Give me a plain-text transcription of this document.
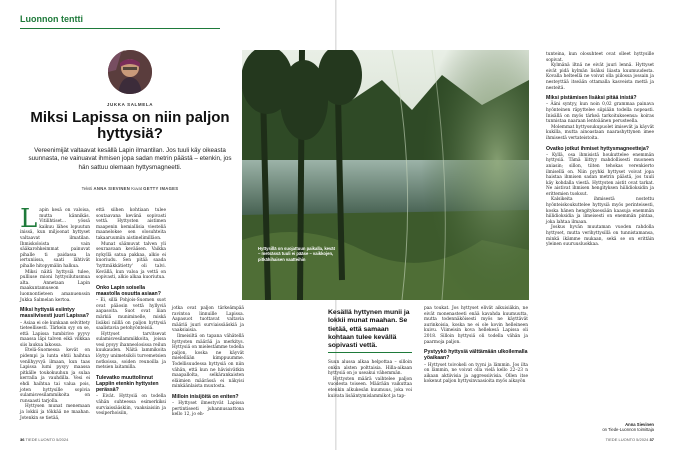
Luonnon tentti
JUKKA SALMELA
Miksi Lapissa on niin paljon hyttysiä?

Vereenimijät valtaavat kesällä Lapin ilmantilan. Jos tuuli käy oikeasta suunnasta, ne vainuavat ihmisen jopa sadan metrin päästä – etenkin, jos hän sattuu olemaan hyttysmagneetti.

Teksti ANNA SIEVINEN Kuvat GETTY IMAGES

Lapin kesä on valoisa, mutta kännikäs. Vitilihtiset... yössä kaikuu lähes lopuutun inissä, kun miljoonat hyttyset valtaavat ilmatilan. Ihmiskoloista vain sääkarohkeimmat painuvat pihalle ti paidassa la iertuniissa, saati lähtivät pihalle hitopymälin halkua.

Miksi näitä hyttysiä tulee, pulliuse mioni hyttysilutusmua alta. Annetaan Lapin maakuntamuseon luonnontieteen amanuenssin Jukka Salmelan kertoa.

Miksi hyttysiä esiintyy massiivisesti juuri Lapissa?

– Asiaa ei ole kunkaan selvittety tieteellisesti. Tärkein syy on se, että Lapissa tumbirive pyyvy maassa läpi talven eikä vilkkaa siis laukua lakossa.

Etelä-Suomessa kevät on pidempi ja lunta ehtii haihtua venlihyyvyä ilmaan, kun taas Lapissa lumi pysyy maassa pitkälle toukokuuhun ja sulaa kerralla ja vauhdilla. Vesi ei ehdi haihtua tai valua pois, joten hyttysille sopivia sulamisvesilammikoita on runsaasti tarjolla.

Hyttysen munat menemaan ja lokkii ja tökkää ne maahan. Jotenkin se tietää,

että siihen kohtiaan tulee soutaavana kevänä sopivasti vettä. Hyttysten aistimen maapenin kemiallisia viesteliä maanelokse sen olosuhteita takaaruumiin aistinelimilläon.

Munat säämuvat talven yli seuraavaan kevääsen. Vaikka nykyllä satua pakkaa, alkio ei kuoriudu. Sen pitää saada 'hyttmäkkätietty' oli talvi. Kevällä, kun valoa ja vettä on sopivasti, alkio alkaa kuoriutua.

Onko Lapin soisella maastolla osuutta asiaan?

– Ei, sillä Pohjois-Suomen suot ovat pääosin vettä hyllyviä aapasoita. Suot ovat liian märkiä muniminelle, miskä lisäksi niillä on paljon hyttysiä saalistavia petohyönteisiä.

Hyttyset tarvitsevat sulamisvesilammikkoita, joissa vesi pysyy ihanneolosissa reilun kuukauden. Näitä lammikoita löytyy unimetsiköi turvemetsien notkoissa, soiden reunoilla ja metsien laitamilla.

Tulevatko muuttolinnut Lappiin etenkin hyttysten perässä?

– Eivät. Hyttysiä on todella vähän suhteessa esimerkiksi surviaissääskiin, vaaksiaisiin ja vesiperhoisiin,

jotka ovat paljon tärkeämpää ravintoa linnuille Lapissa. Aapasuot tuottavat valtavia määriä juuri surviaissääskiä ja vaaksiaisia.

Ilmeisiltä on tapana vähätellä hyttysten määrää ja merkitys. Hyttysiä on mielestämme todella paljon, koska ne käyvät mielellään kimppuumme. Todellisuudessa hyttysiä on niin vähän, että kun ne hävisivätkin maapallolta, selkärankaisten eläimien määrässä ei näkyisi minkäänlaista muutosta.

Milloin inisijöitä on eniten?

– Hyttyset ilmestyvät Lapissa pertintiseeti juhannusaattona kello 12, jo eh-

Hyttysillä on suojattuun paikalla, kevät – metsässä tuuli ei pääse – vaikkojen, pitkähihaisen vaatteihin

Kesällä hyttynen munii ja lokkii munat maahan. Se tietää, että samaan kohtaan tulee kevällä sopivasti vettä.

Suun alussa alkaa helpottaa – silloin onkin alsten polttaisia. Hilla-aikaan hyttysiä on jo useakui vähemmän.

Hyttysten määrä vaihtelee paljon vuodesta toiseen. Määrään vaikuttaa etenkin alkukesän kuumuus, joka voi kuivata lisääntymislammikot ja tap-

paa toukat. Jos hyttyset elivät aikuisiäkin, ne eivät monenasteeti enää kavahda kuumuutta, mutta todennäköisesti myös ne käyttävät aurinkoisia, koska ne ei ole kovin helleineen kuivu. Viimeisin kova hellekesä Lapissa oli 2018. Silloin hyttysiä oli todella vähän ja paarmoja paljon.

Pystyykö hyttysiä välttämään ulkoilemalla yöaikaan?

– Hyttyset toivokeli on tyyni ja lämmin. Jos ilta on lämmin, ne voivat olla vielä kello 22–23 n aikaan aktiivisia ja aggressiivisia. Ollen itse kokenut paljon hyttysinvaasioita myös aikayön

tunteina, kun olosuhteet ovat olleet hyttysille sopivat.

Kylmänä iltnä ne eivät juuri lennä. Hyttyset eivät pidä kylmän lisäksi liiasta kuumuudesta. Kovalla helteellä ne voivat olla piilossa jossain ja nesteyttää itseään ottamalla kasveista mettä ja nesteitä.

Miksi pistämisen lisäksi pitää inistä?

– Ääni syntyy, kun noin 0,02 grammaa painava hyönteinen räpyttelee siipiään todella nopeasti. Inisällä on myös tärkeä tarkoitukseensa: koiras tunnistaa naaraan lentoäänen perusteella.

Molemmat hyttyssukupuolet imisevät ja käyvät kukilla, mutta ainoastaan naarashyttynen imee ihmisestä vertateistoita.

Ovatko jotkut ihmiset hyttysmagneetteja?

– Kyllä, osa ihmisistä houkuttelee enemmän hyttysiä. Tämä liittyy mahdollisesti muoneen aniasin; sillon, tiiten tehokas verenkierto ilmisellä on. Niin pyyhki hyttyset voivat jopa haistaa ihmisen sadan metrin päästä, jos tuuli käy kohdalla viestä. Hyttysten aistit ovat tarkat. Ne aistivat ihmisen hengityksen hiilidioksidin ja erittemien tuoksut.

Kalsikeita ihmisestä nostettu hyönteiskoukuttelee hyttysiä myös perinteisesti, koska hänen hengityksessään kaasuja enemmän hiilidioksidia ja ilmeisesti on enemmän pintaa, joka lahtaa ilmaan.

Joskus hyvän muutaman vuoden rahdolla hyttyset, mutta verihyttysillä on tunnistamansa, minkä ikämme mukaan, sekä se on erittäin yleinen suuruusluokkaa.

Anna Sievinen
on Tiede-Luonnon toimittaja
36 TIEDE LUONTO 5/2024	TIEDE LUONTO 5/2024 37
